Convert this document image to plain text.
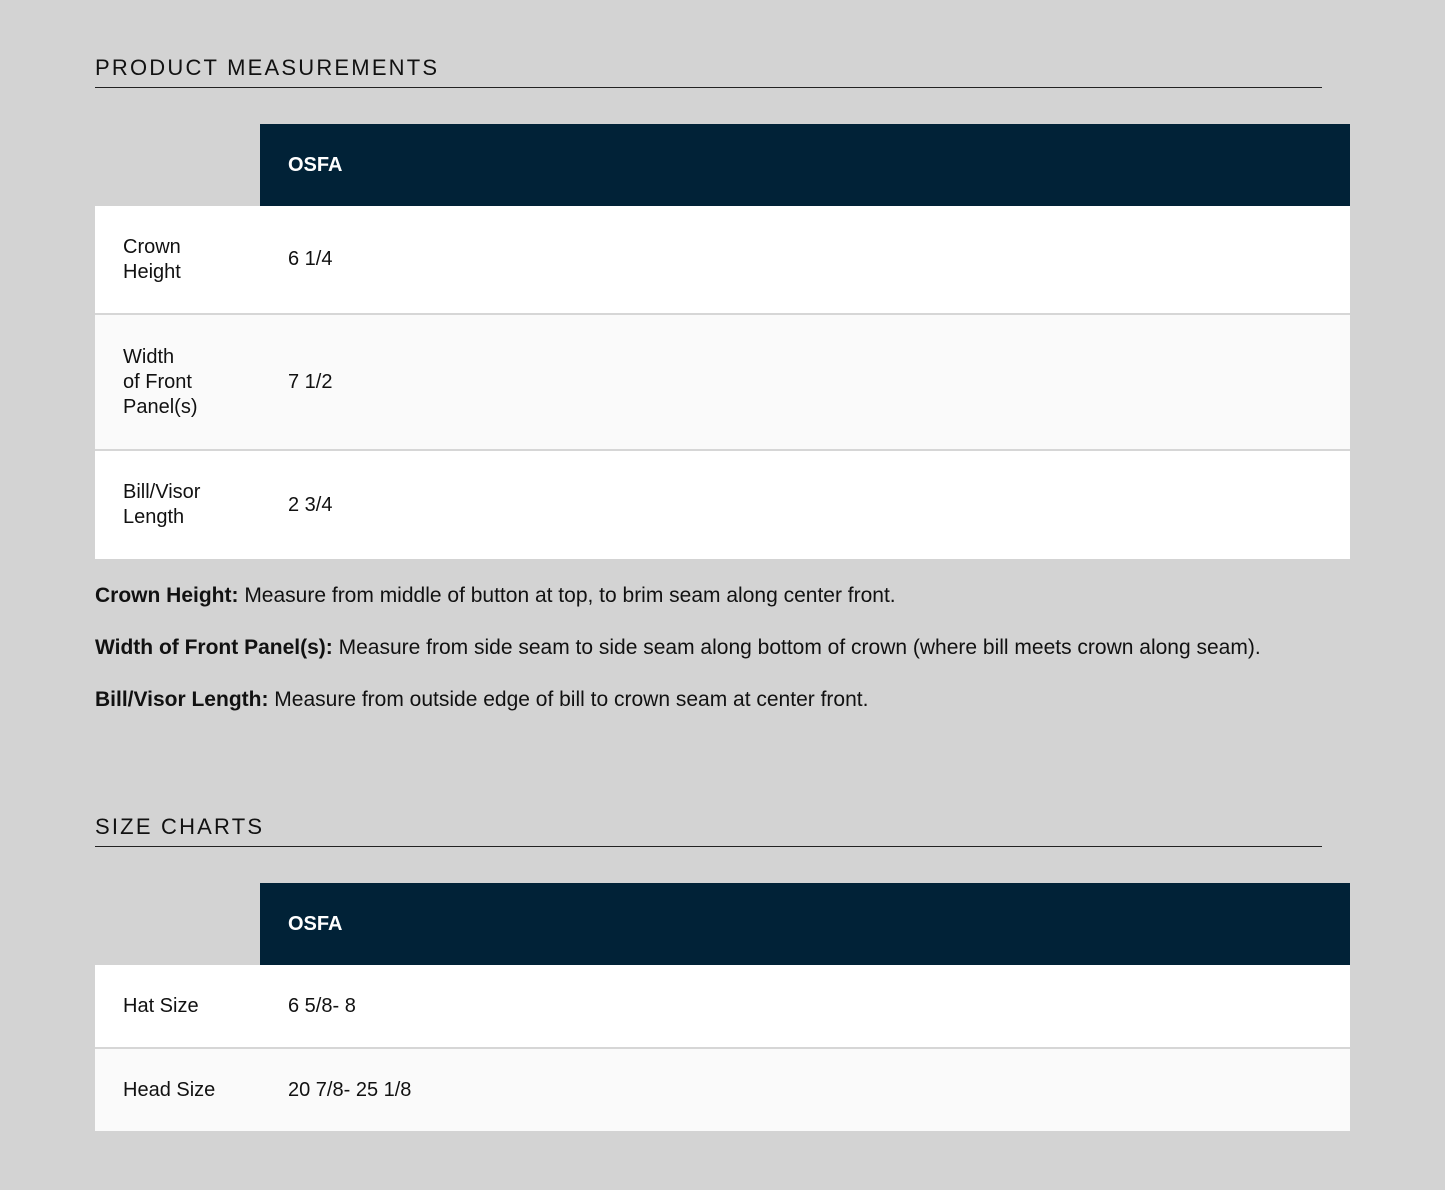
PRODUCT MEASUREMENTS
OSFA
Crown
Height
6 1/4
Width
of Front
Panel(s)
7 1/2
Bill/Visor
Length
2 3/4

Crown Height: Measure from middle of button at top, to brim seam along center front.

Width of Front Panel(s): Measure from side seam to side seam along bottom of crown (where bill meets crown along seam).

Bill/Visor Length: Measure from outside edge of bill to crown seam at center front.

SIZE CHARTS
OSFA
Hat Size	6 5/8- 8
Head Size	20 7/8- 25 1/8
